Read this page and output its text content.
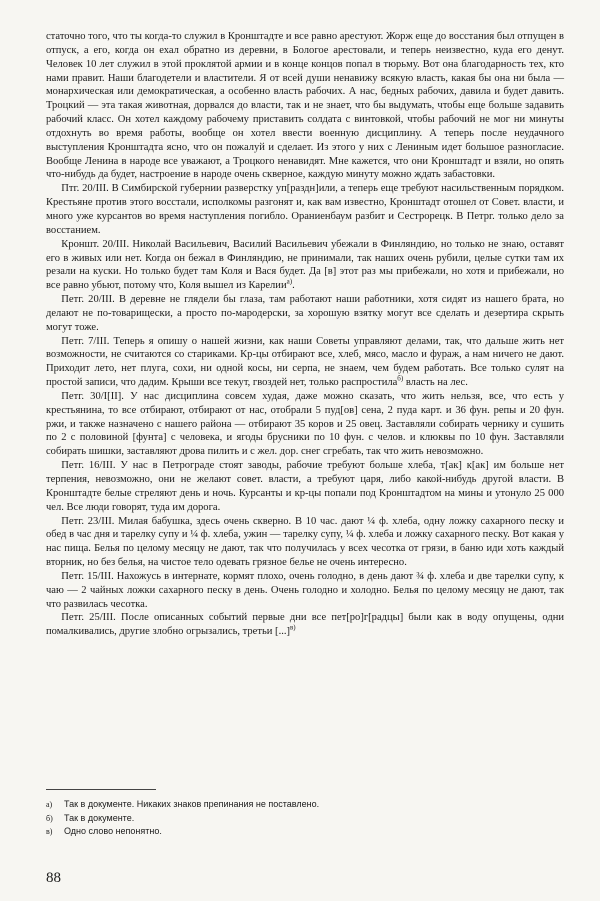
статочно того, что ты когда-то служил в Кронштадте и все равно арестуют. Жорж еще до восстания был отпущен в отпуск, а его, когда он ехал обратно из деревни, в Бологое арестовали, и теперь неизвестно, куда его денут. Человек 10 лет служил в этой проклятой армии и в конце концов попал в тюрьму. Вот она благодарность тех, кто нами правит. Наши благодетели и властители. Я от всей души ненавижу всякую власть, какая бы она ни была — монархическая или демократическая, а особенно власть рабочих. А нас, бедных рабочих, давила и будет давить. Троцкий — эта такая животная, дорвался до власти, так и не знает, что бы выдумать, чтобы еще больше задавить рабочий класс. Он хотел каждому рабочему приставить солдата с винтовкой, чтобы рабочий не мог ни минуты отдохнуть во время работы, вообще он хотел ввести военную дисциплину. А теперь после неудачного выступления Кронштадта ясно, что он пожалуй и сделает. Из этого у них с Лениным идет большое разногласие. Вообще Ленина в народе все уважают, а Троцкого ненавидят. Мне кажется, что они Кронштадт и взяли, но опять что-нибудь да будет, настроение в народе очень скверное, каждую минуту можно ждать забастовки.

Птг. 20/III. В Симбирской губернии разверстку уп[раздн]или, а теперь еще требуют насильственным порядком. Крестьяне против этого восстали, исполкомы разгонят и, как вам известно, Кронштадт отошел от Совет. власти, и много уже курсантов во время наступления погибло. Ораниенбаум разбит и Сестрорецк. В Петрг. только дело за восстанием.

Кроншт. 20/III. Николай Васильевич, Василий Васильевич убежали в Финляндию, но только не знаю, оставят его в живых или нет. Когда он бежал в Финляндию, не принимали, так наших очень рубили, целые сутки там их резали на куски. Но только будет там Коля и Вася будет. Да [в] этот раз мы прибежали, но хотя и прибежали, но все равно убьют, потому что, Коля вышел из Карелии$^{а)}$.

Петг. 20/III. В деревне не глядели бы глаза, там работают наши работники, хотя сидят из нашего брата, но делают не по-товарищески, а просто по-мародерски, за хорошую взятку могут все сделать и дезертира скрыть могут тоже.

Петг. 7/III. Теперь я опишу о нашей жизни, как наши Советы управляют делами, так, что дальше жить нет возможности, не считаются со стариками. Кр-цы отбирают все, хлеб, мясо, масло и фураж, а нам ничего не дают. Приходит лето, нет плуга, сохи, ни одной косы, ни серпа, не знаем, чем будем работать. Все только сулят на простой записи, что дадим. Крыши все текут, гвоздей нет, только распростила$^{б)}$ власть на лес.

Петг. 30/I[II]. У нас дисциплина совсем худая, даже можно сказать, что жить нельзя, все, что есть у крестьянина, то все отбирают, отбирают от нас, отобрали 5 пуд[ов] сена, 2 пуда карт. и 36 фун. репы и 20 фун. ржи, и также назначено с нашего района — отбирают 35 коров и 25 овец. Заставляли собирать чернику и сушить по 2 с половиной [фунта] с человека, и ягоды брусники по 10 фун. с челов. и клюквы по 10 фун. Заставляли собирать шишки, заставляют дрова пилить и с жел. дор. снег сгребать, так что жить невозможно.

Петг. 16/III. У нас в Петрограде стоят заводы, рабочие требуют больше хлеба, т[ак] к[ак] им больше нет терпения, невозможно, они не желают совет. власти, а требуют царя, либо какой-нибудь другой власти. В Кронштадте белые стреляют день и ночь. Курсанты и кр-цы попали под Кронштадтом на мины и утонуло 25 000 чел. Все люди говорят, туда им дорога.

Петг. 23/III. Милая бабушка, здесь очень скверно. В 10 час. дают ¼ ф. хлеба, одну ложку сахарного песку и обед в час дня и тарелку супу и ¼ ф. хлеба, ужин — тарелку супу, ¼ ф. хлеба и ложку сахарного песку. Вот какая у нас пища. Белья по целому месяцу не дают, так что получилась у всех чесотка от грязи, в баню иди хоть каждый вторник, но без белья, на чистое тело одевать грязное белье не очень интересно.

Петг. 15/III. Нахожусь в интернате, кормят плохо, очень голодно, в день дают ¾ ф. хлеба и две тарелки супу, к чаю — 2 чайных ложки сахарного песку в день. Очень голодно и холодно. Белья по целому месяцу не дают, так что развилась чесотка.

Петг. 25/III. После описанных событий первые дни все пет[ро]г[радцы] были как в воду опущены, одни помалкивались, другие злобно огрызались, третьи [...]$^{в)}$

а)	Так в документе. Никаких знаков препинания не поставлено.
б)	Так в документе.
в)	Одно слово непонятно.
88
